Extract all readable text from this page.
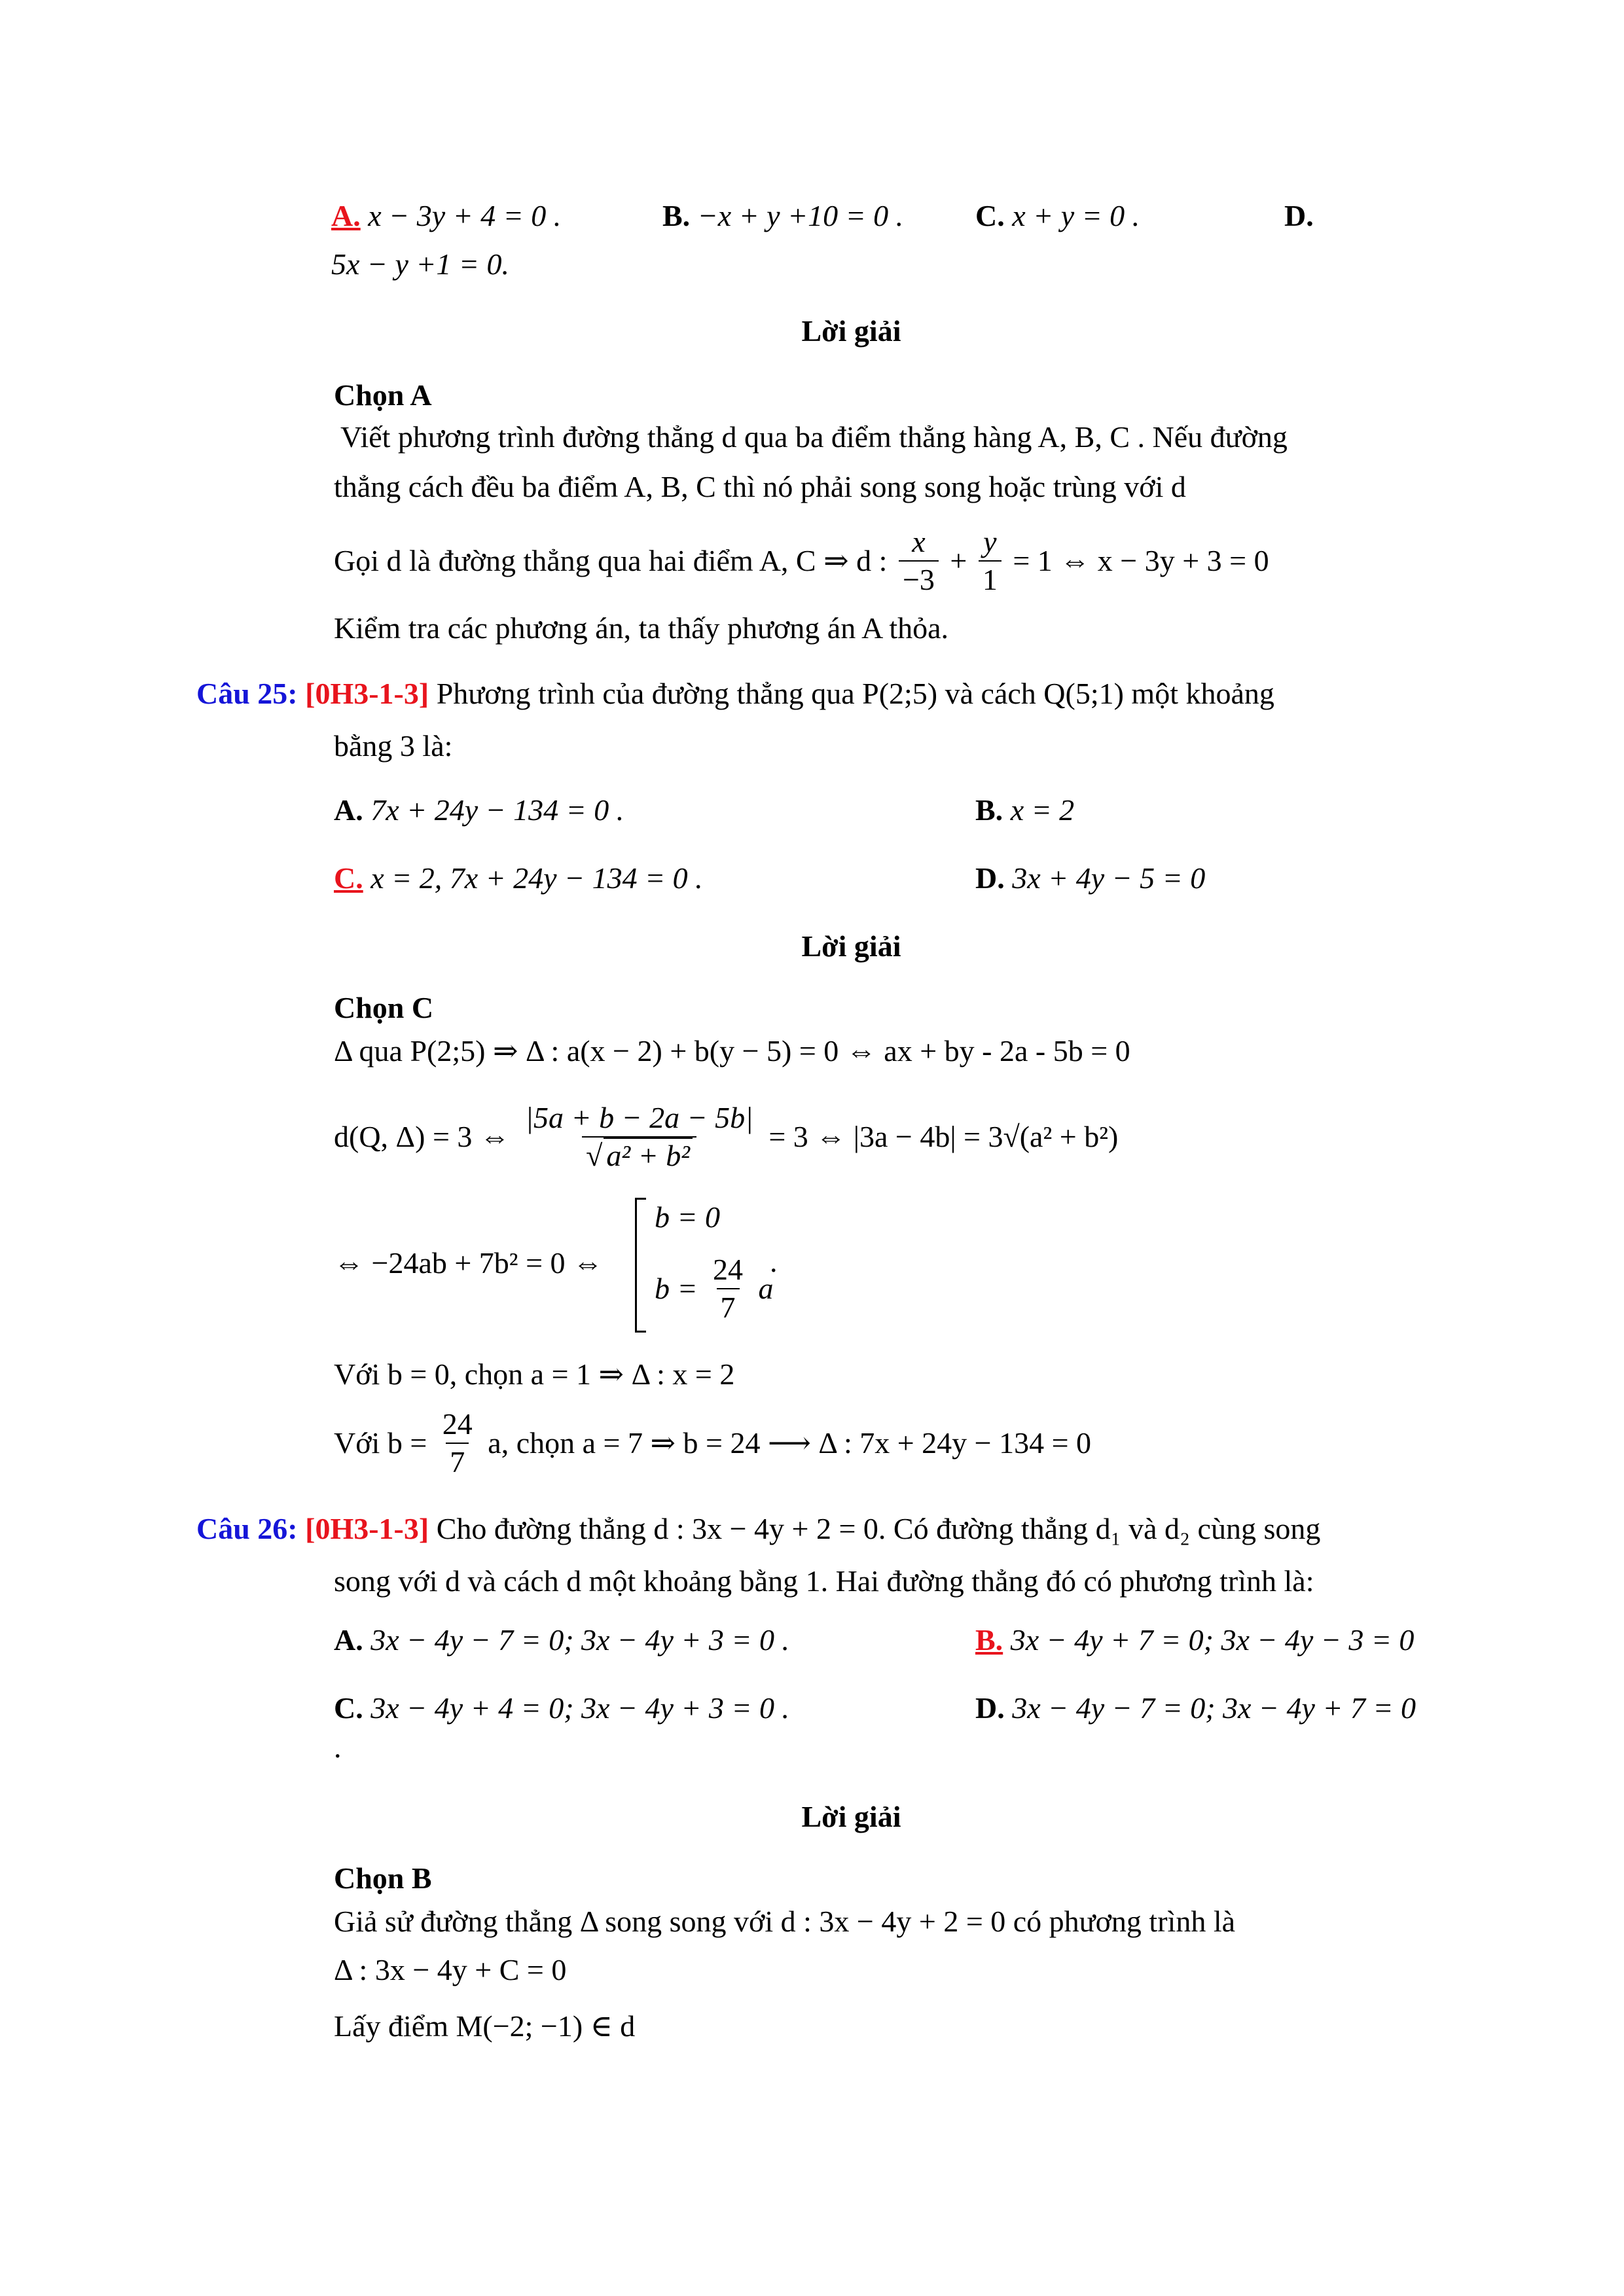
A. x − 3y + 4 = 0 .	B. −x + y +10 = 0 . C. x + y = 0 .	D.
5x − y +1 = 0.
Lời giải
Chọn A
Viết phương trình đường thẳng d qua ba điểm thẳng hàng A, B, C . Nếu đường
thẳng cách đều ba điểm A, B, C thì nó phải song song hoặc trùng với d
Gọi d là đường thẳng qua hai điểm A, C ⇒ d : $\frac{x}{-3} + \frac{y}{1} = 1$ ⇔ x − 3y + 3 = 0
Kiểm tra các phương án, ta thấy phương án A thỏa.
Câu 25: [0H3-1-3] Phương trình của đường thẳng qua P(2;5) và cách Q(5;1) một khoảng
bằng 3 là:
A. 7x + 24y − 134 = 0 .	B. x = 2
C. x = 2, 7x + 24y − 134 = 0 .	D. 3x + 4y − 5 = 0
Lời giải
Chọn C
Δ qua P(2;5) ⇒ Δ : a(x − 2) + b(y − 5) = 0 ⇔ ax + by - 2a - 5b = 0
d(Q, Δ) = 3 ⇔ $\frac{|5a + b - 2a - 5b|}{\text{√ a² + b²}} = 3$ ⇔ |3a − 4b| = 3√(a² + b²)
⇔ −24ab + 7b² = 0 ⇔
b = 0
$b = \frac{24}{7}$ a
.
Với b = 0, chọn a = 1 ⇒ Δ : x = 2
Với $b = \frac{24}{7} a$, chọn a = 7 ⇒ b = 24 ⟶ Δ : 7x + 24y − 134 = 0
Câu 26: [0H3-1-3] Cho đường thẳng d : 3x − 4y + 2 = 0. Có đường thẳng d₁ và d₂ cùng song
song với d và cách d một khoảng bằng 1. Hai đường thẳng đó có phương trình là:
A. 3x − 4y − 7 = 0; 3x − 4y + 3 = 0 .	B. 3x − 4y + 7 = 0; 3x − 4y − 3 = 0
C. 3x − 4y + 4 = 0; 3x − 4y + 3 = 0 .	D. 3x − 4y − 7 = 0; 3x − 4y + 7 = 0
.
Lời giải
Chọn B
Giả sử đường thẳng Δ song song với d : 3x − 4y + 2 = 0 có phương trình là
Δ : 3x − 4y + C = 0
Lấy điểm M(−2; −1) ∈ d
